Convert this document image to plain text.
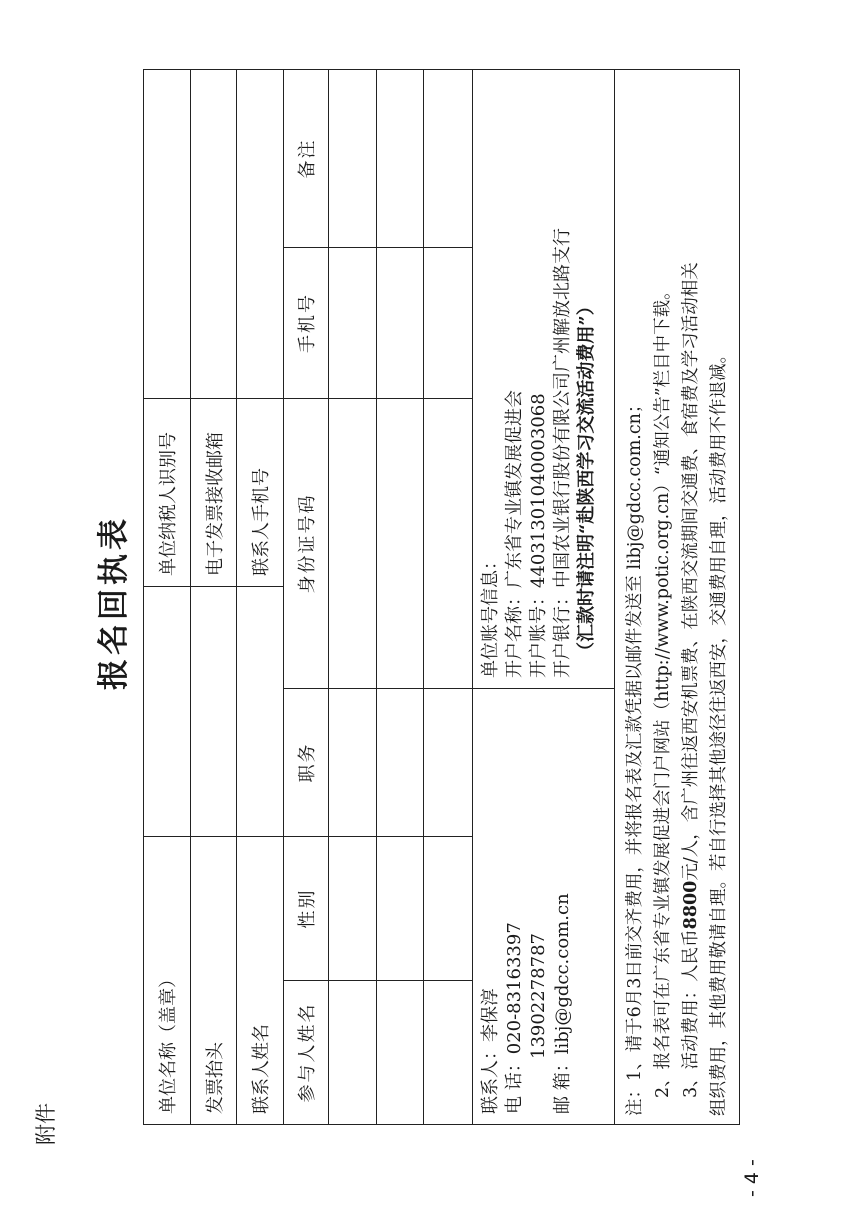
附件
- 4 -
报名回执表
单位名称（盖章）				单位纳税人识别号		
发票抬头				电子发票接收邮箱		
联系人姓名				联系人手机号		
参与人姓名	性别	职务	身份证号码		手机号	备注

联系人：李保淳
电 话：020-83163397 13902278787
邮 箱：libj@gdcc.com.cn			单位账号信息： 开户名称：广东省专业镇发展促进会 开户账号：44031301040003068 开户银行：中国农业银行股份有限公司广州解放北路支行 （汇款时请注明“赴陕西学习交流活动费用”）			

注：1、请于6月3日前交齐费用，并将报名表及汇款凭据以邮件发送至 libj@gdcc.com.cn； 2、报名表可在广东省专业镇发展促进会门户网站（http://www.potic.org.cn）“通知公告”栏目中下载。 3、活动费用：人民币8800元/人，含广州往返西安机票费、在陕西交流期间交通费、食宿费及学习活动相关 组织费用，其他费用敬请自理。若自行选择其他途径往返西安，交通费用自理，活动费用不作退减。						
